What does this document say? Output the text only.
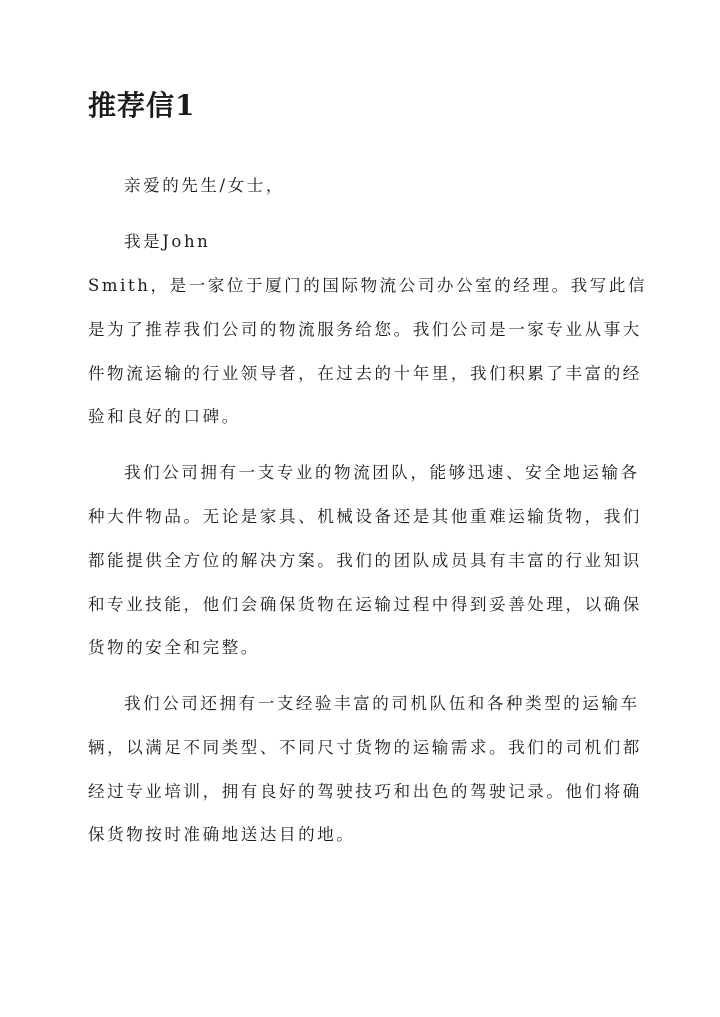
推荐信1

亲爱的先生/女士，

我是John

Smith，是一家位于厦门的国际物流公司办公室的经理。我写此信

是为了推荐我们公司的物流服务给您。我们公司是一家专业从事大

件物流运输的行业领导者，在过去的十年里，我们积累了丰富的经

验和良好的口碑。

我们公司拥有一支专业的物流团队，能够迅速、安全地运输各

种大件物品。无论是家具、机械设备还是其他重难运输货物，我们

都能提供全方位的解决方案。我们的团队成员具有丰富的行业知识

和专业技能，他们会确保货物在运输过程中得到妥善处理，以确保

货物的安全和完整。

我们公司还拥有一支经验丰富的司机队伍和各种类型的运输车

辆，以满足不同类型、不同尺寸货物的运输需求。我们的司机们都

经过专业培训，拥有良好的驾驶技巧和出色的驾驶记录。他们将确

保货物按时准确地送达目的地。
